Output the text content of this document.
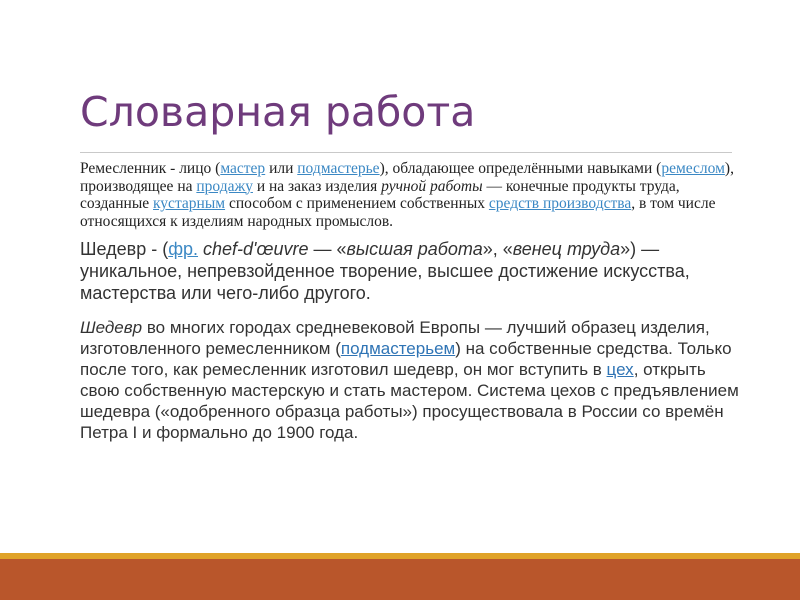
Словарная работа

Ремесленник - лицо (мастер или подмастерье), обладающее определёнными навыками (ремеслом), производящее на продажу и на заказ изделия ручной работы — конечные продукты труда, созданные кустарным способом с применением собственных средств производства, в том числе относящихся к изделиям народных промыслов.

Шедевр - (фр. chef-d'œuvre — «высшая работа», «венец труда») — уникальное, непревзойденное творение, высшее достижение искусства, мастерства или чего-либо другого.

Шедевр во многих городах средневековой Европы — лучший образец изделия, изготовленного ремесленником (подмастерьем) на собственные средства. Только после того, как ремесленник изготовил шедевр, он мог вступить в цех, открыть свою собственную мастерскую и стать мастером. Система цехов с предъявлением шедевра («одобренного образца работы») просуществовала в России со времён Петра I и формально до 1900 года.
